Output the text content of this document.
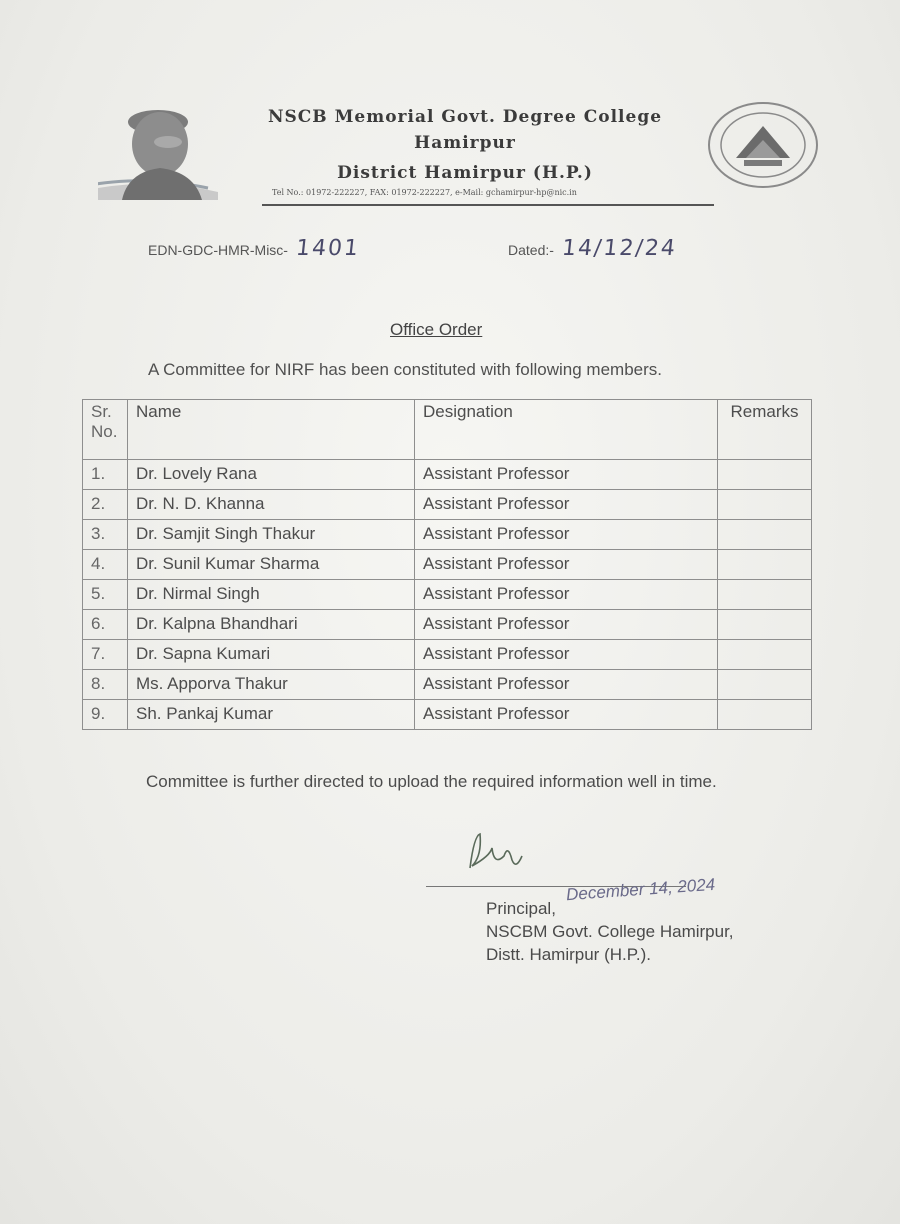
NSCB Memorial Govt. Degree College
Hamirpur
District Hamirpur (H.P.)
Tel No.: 01972-222227, FAX: 01972-222227, e-Mail: gchamirpur-hp@nic.in
EDN-GDC-HMR-Misc- 1401	Dated:- 14/12/24
Office Order
A Committee for NIRF has been constituted with following members.
Sr.
No.	Name	Designation	Remarks
1.	Dr. Lovely Rana	Assistant Professor	
2.	Dr. N. D. Khanna	Assistant Professor	
3.	Dr. Samjit Singh Thakur	Assistant Professor	
4.	Dr. Sunil Kumar Sharma	Assistant Professor	
5.	Dr. Nirmal Singh	Assistant Professor	
6.	Dr. Kalpna Bhandhari	Assistant Professor	
7.	Dr. Sapna Kumari	Assistant Professor	
8.	Ms. Apporva Thakur	Assistant Professor	
9.	Sh. Pankaj Kumar	Assistant Professor	
Committee is further directed to upload the required information well in time.
December 14, 2024
Principal,
NSCBM Govt. College Hamirpur,
Distt. Hamirpur (H.P.).
